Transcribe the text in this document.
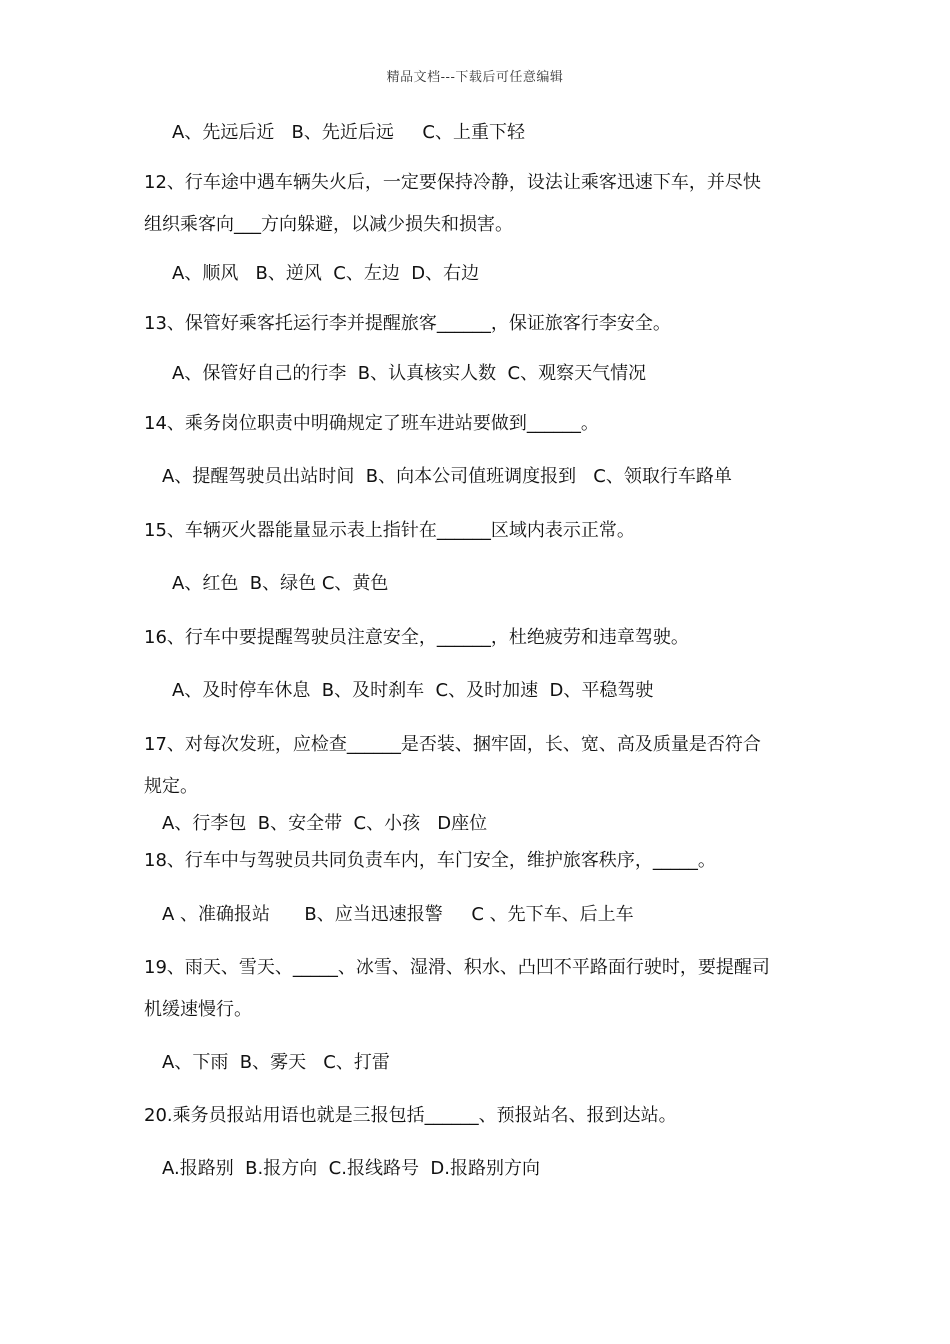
精品文档---下载后可任意编辑
A、先远后近   B、先近后远     C、上重下轻
12、行车途中遇车辆失火后，一定要保持冷静，设法让乘客迅速下车，并尽快
组织乘客向___方向躲避，以减少损失和损害。
A、顺风   B、逆风  C、左边  D、右边
13、保管好乘客托运行李并提醒旅客______，保证旅客行李安全。
A、保管好自己的行李  B、认真核实人数  C、观察天气情况
14、乘务岗位职责中明确规定了班车进站要做到______。
A、提醒驾驶员出站时间  B、向本公司值班调度报到   C、领取行车路单
15、车辆灭火器能量显示表上指针在______区域内表示正常。
A、红色  B、绿色 C、黄色
16、行车中要提醒驾驶员注意安全，______，杜绝疲劳和违章驾驶。
A、及时停车休息  B、及时刹车  C、及时加速  D、平稳驾驶
17、对每次发班，应检查______是否装、捆牢固，长、宽、高及质量是否符合
规定。
A、行李包  B、安全带  C、小孩   D座位
18、行车中与驾驶员共同负责车内，车门安全，维护旅客秩序，_____。
A 、准确报站      B、应当迅速报警     C 、先下车、后上车
19、雨天、雪天、_____、冰雪、湿滑、积水、凸凹不平路面行驶时，要提醒司
机缓速慢行。
A、下雨  B、雾天   C、打雷
20.乘务员报站用语也就是三报包括______、预报站名、报到达站。
A.报路别  B.报方向  C.报线路号  D.报路别方向
